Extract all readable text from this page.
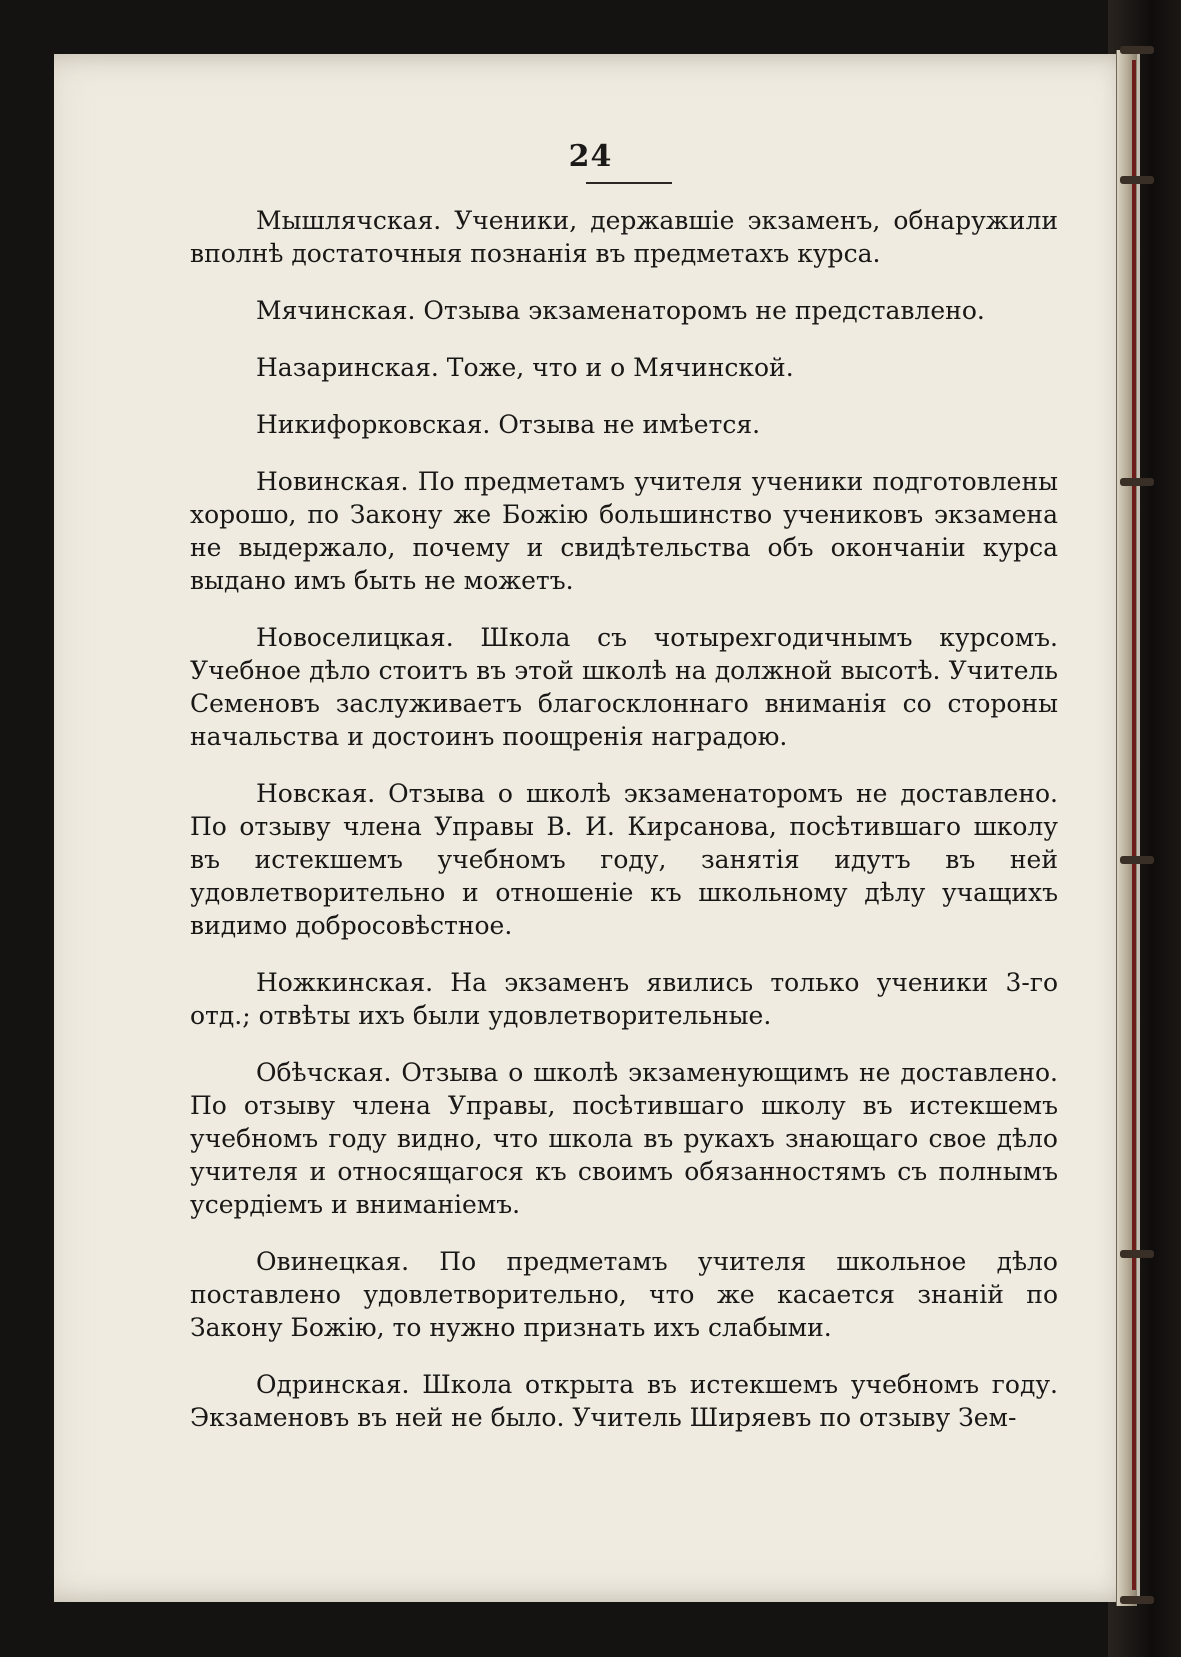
24

Мышлячская. Ученики, державшіе экзаменъ, обнаружили вполнѣ достаточныя познанія въ предметахъ курса.

Мячинская. Отзыва экзаменаторомъ не представлено.

Назаринская. Тоже, что и о Мячинской.

Никифорковская. Отзыва не имѣется.

Новинская. По предметамъ учителя ученики подготовлены хорошо, по Закону же Божію большинство учениковъ экзамена не выдержало, почему и свидѣтельства объ окончаніи курса выдано имъ быть не можетъ.

Новоселицкая. Школа съ чотырехгодичнымъ курсомъ. Учебное дѣло стоитъ въ этой школѣ на должной высотѣ. Учитель Семеновъ заслуживаетъ благосклоннаго вниманія со стороны начальства и достоинъ поощренія наградою.

Новская. Отзыва о школѣ экзаменаторомъ не доставлено. По отзыву члена Управы В. И. Кирсанова, посѣтившаго школу въ истекшемъ учебномъ году, занятія идутъ въ ней удовлетворительно и отношеніе къ школьному дѣлу учащихъ видимо добросовѣстное.

Ножкинская. На экзаменъ явились только ученики 3-го отд.; отвѣты ихъ были удовлетворительные.

Обѣчская. Отзыва о школѣ экзаменующимъ не доставлено. По отзыву члена Управы, посѣтившаго школу въ истекшемъ учебномъ году видно, что школа въ рукахъ знающаго свое дѣло учителя и относящагося къ своимъ обязанностямъ съ полнымъ усердіемъ и вниманіемъ.

Овинецкая. По предметамъ учителя школьное дѣло поставлено удовлетворительно, что же касается знаній по Закону Божію, то нужно признать ихъ слабыми.

Одринская. Школа открыта въ истекшемъ учебномъ году. Экзаменовъ въ ней не было. Учитель Ширяевъ по отзыву Зем-
